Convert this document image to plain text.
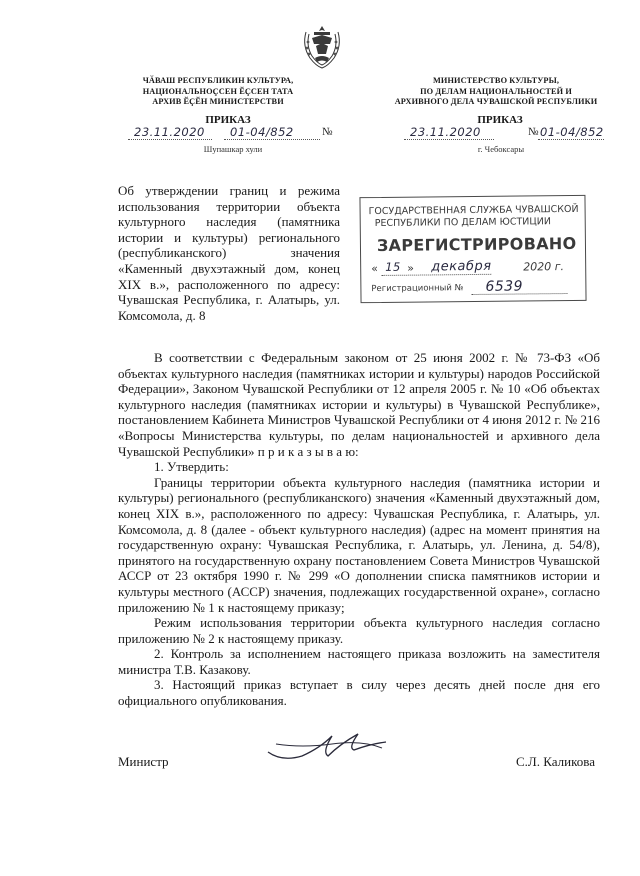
ЧӐВАШ РЕСПУБЛИКИН КУЛЬТУРА,
НАЦИОНАЛЬНОҪСЕН ӖҪСЕН ТАТА
АРХИВ ӖҪӖН МИНИСТЕРСТВИ
МИНИСТЕРСТВО КУЛЬТУРЫ,
ПО ДЕЛАМ НАЦИОНАЛЬНОСТЕЙ И
АРХИВНОГО ДЕЛА ЧУВАШСКОЙ РЕСПУБЛИКИ
ПРИКАЗ
23.11.2020 01-04/852	№
Шупашкар хули
ПРИКАЗ
23.11.2020	№ 01-04/852
г. Чебоксары
Об утверждении границ и режима использования территории объекта культурного наследия (памятника истории и культуры) регионального (республиканского) значения «Каменный двухэтажный дом, конец XIX в.», расположенного по адресу: Чувашская Республика, г. Алатырь, ул. Комсомола, д. 8
ГОСУДАРСТВЕННАЯ СЛУЖБА ЧУВАШСКОЙ
РЕСПУБЛИКИ ПО ДЕЛАМ ЮСТИЦИИ
ЗАРЕГИСТРИРОВАНО
« 15 » декабря	2020 г.
Регистрационный № 6539

В соответствии с Федеральным законом от 25 июня 2002 г. № 73-ФЗ «Об объектах культурного наследия (памятниках истории и культуры) народов Российской Федерации», Законом Чувашской Республики от 12 апреля 2005 г. № 10 «Об объектах культурного наследия (памятниках истории и культуры) в Чувашской Республике», постановлением Кабинета Министров Чувашской Республики от 4 июня 2012 г. № 216 «Вопросы Министерства культуры, по делам национальностей и архивного дела Чувашской Республики» п р и к а з ы в а ю:

1. Утвердить:

Границы территории объекта культурного наследия (памятника истории и культуры) регионального (республиканского) значения «Каменный двухэтажный дом, конец XIX в.», расположенного по адресу: Чувашская Республика, г. Алатырь, ул. Комсомола, д. 8 (далее - объект культурного наследия) (адрес на момент принятия на государственную охрану: Чувашская Республика, г. Алатырь, ул. Ленина, д. 54/8), принятого на государственную охрану постановлением Совета Министров Чувашской АССР от 23 октября 1990 г. № 299 «О дополнении списка памятников истории и культуры местного (АССР) значения, подлежащих государственной охране», согласно приложению № 1 к настоящему приказу;

Режим использования территории объекта культурного наследия согласно приложению № 2 к настоящему приказу.

2. Контроль за исполнением настоящего приказа возложить на заместителя министра Т.В. Казакову.

3. Настоящий приказ вступает в силу через десять дней после дня его официального опубликования.

Министр	С.Л. Каликова
